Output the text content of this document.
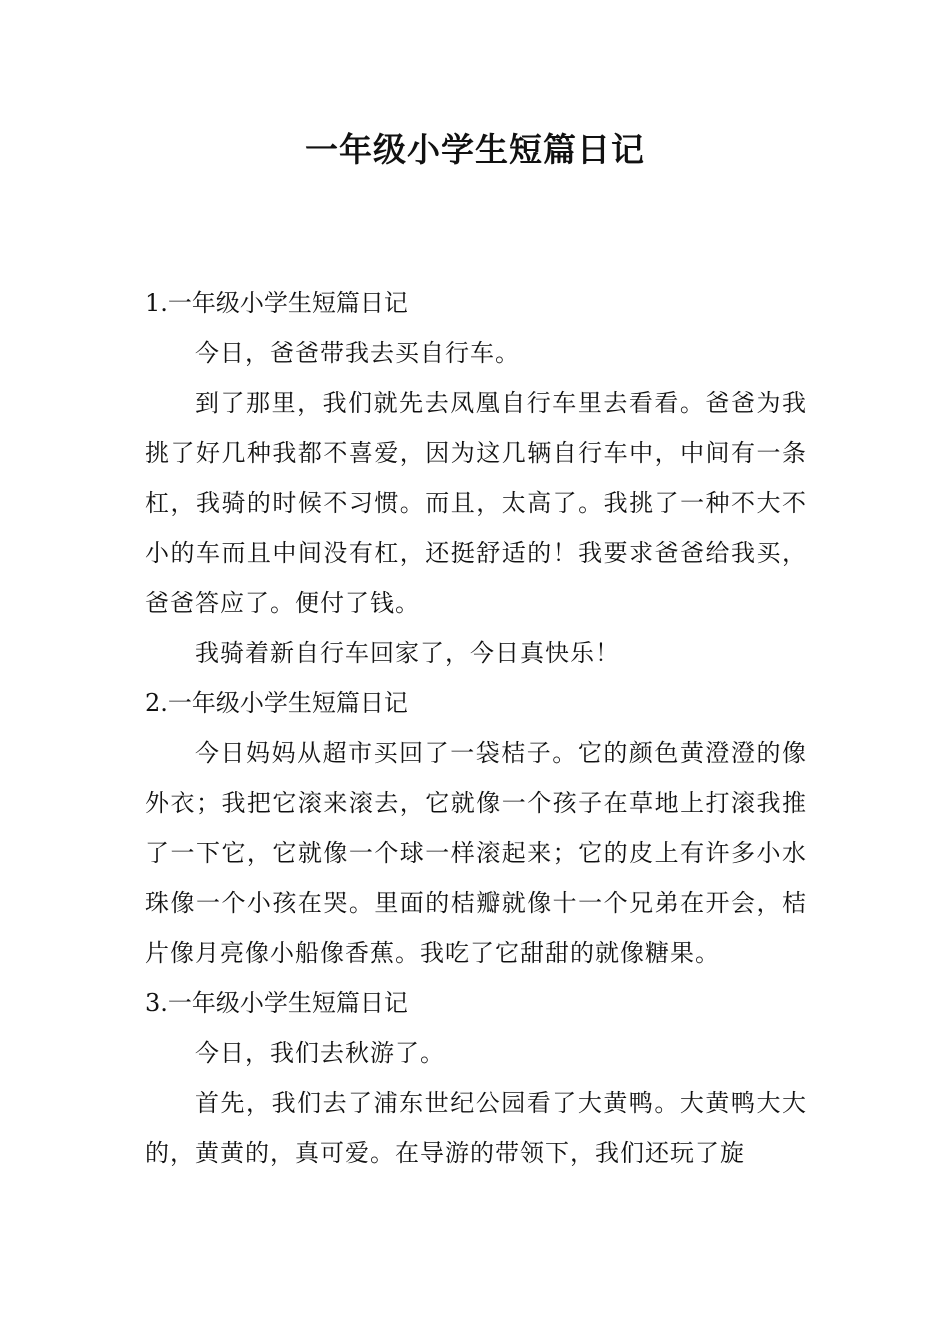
一年级小学生短篇日记

1.一年级小学生短篇日记

今日，爸爸带我去买自行车。

到了那里，我们就先去凤凰自行车里去看看。爸爸为我挑了好几种我都不喜爱，因为这几辆自行车中，中间有一条杠，我骑的时候不习惯。而且，太高了。我挑了一种不大不小的车而且中间没有杠，还挺舒适的！我要求爸爸给我买，爸爸答应了。便付了钱。

我骑着新自行车回家了，今日真快乐！

2.一年级小学生短篇日记

今日妈妈从超市买回了一袋桔子。它的颜色黄澄澄的像外衣；我把它滚来滚去，它就像一个孩子在草地上打滚我推了一下它，它就像一个球一样滚起来；它的皮上有许多小水珠像一个小孩在哭。里面的桔瓣就像十一个兄弟在开会，桔片像月亮像小船像香蕉。我吃了它甜甜的就像糖果。

3.一年级小学生短篇日记

今日，我们去秋游了。

首先，我们去了浦东世纪公园看了大黄鸭。大黄鸭大大的，黄黄的，真可爱。在导游的带领下，我们还玩了旋
